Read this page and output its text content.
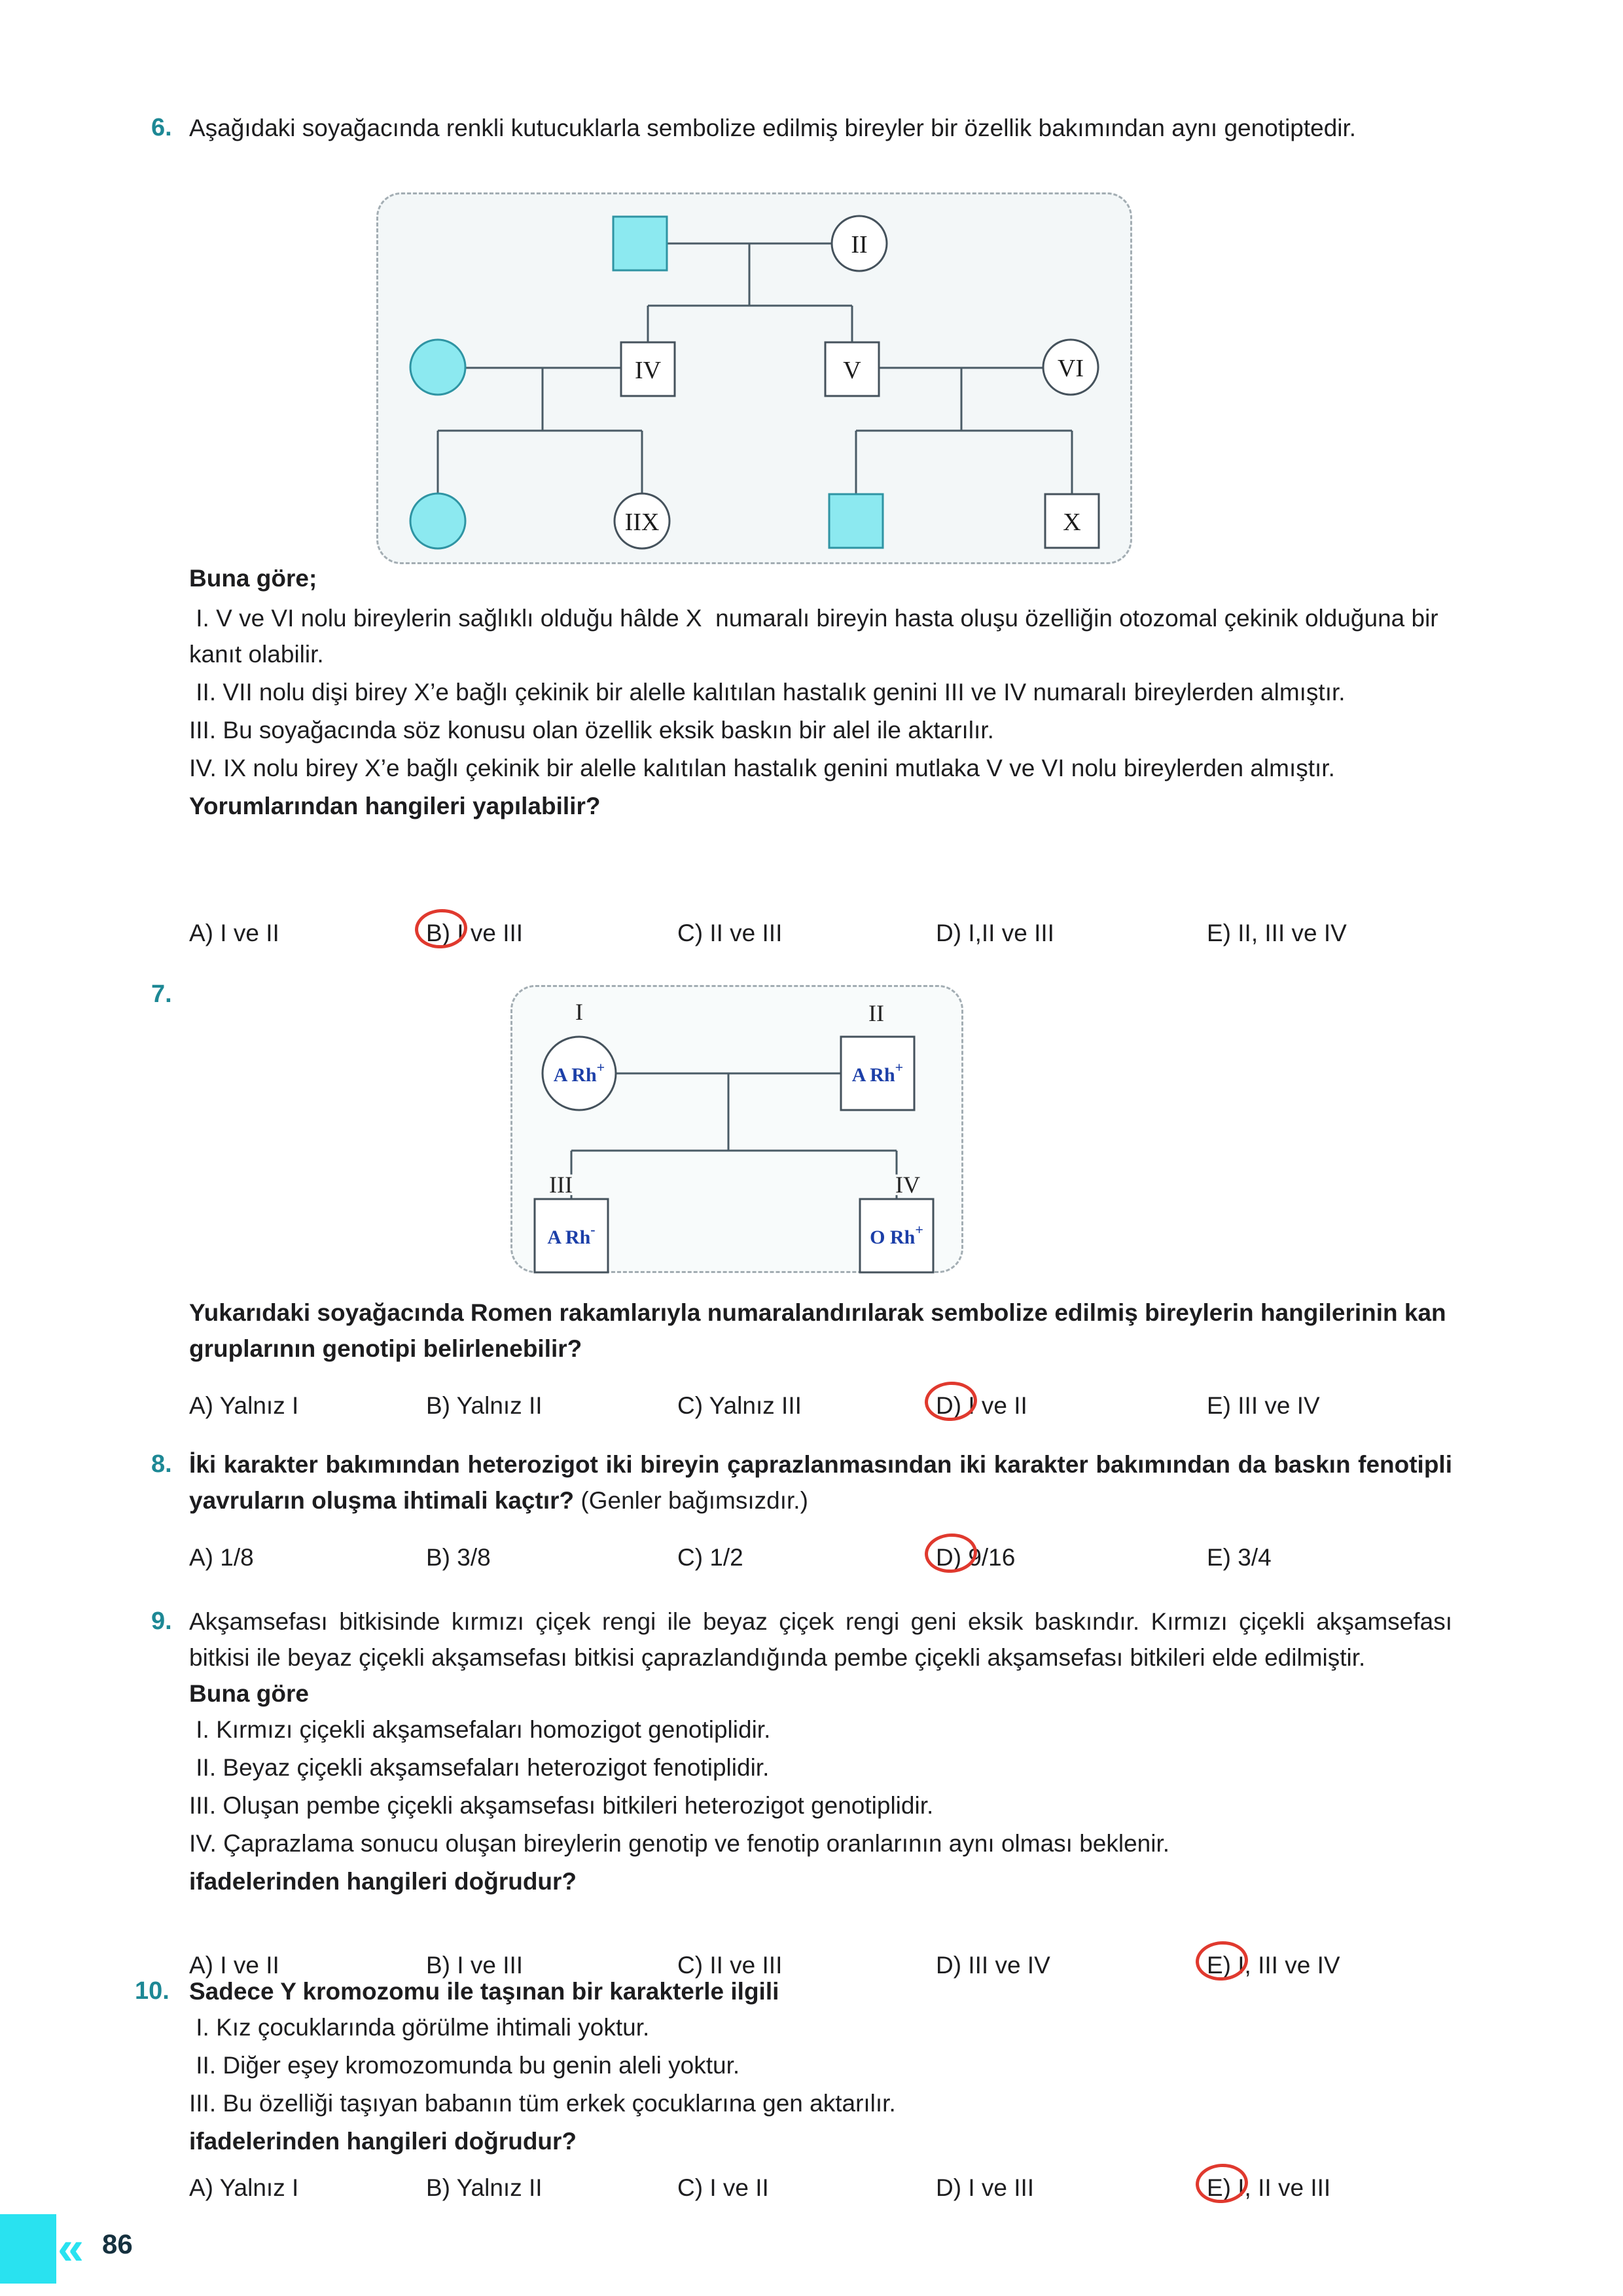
6. Aşağıdaki soyağacında renkli kutucuklarla sembolize edilmiş bireyler bir özellik bakımından aynı genotiptedir.

II
IV	V	VI
IIX	X

Buna göre;

I. V ve VI nolu bireylerin sağlıklı olduğu hâlde X  numaralı bireyin hasta oluşu özelliğin otozomal çekinik olduğuna bir kanıt olabilir.

II. VII nolu dişi birey X’e bağlı çekinik bir alelle kalıtılan hastalık genini III ve IV numaralı bireylerden almıştır.

III. Bu soyağacında söz konusu olan özellik eksik baskın bir alel ile aktarılır.

IV. IX nolu birey X’e bağlı çekinik bir alelle kalıtılan hastalık genini mutlaka V ve VI nolu bireylerden almıştır.

Yorumlarından hangileri yapılabilir?

A) I ve II	B) I ve III	C) II ve III	D) I,II ve III	E) II, III ve IV
7.
I	II
III	IV
A Rh+	A Rh+
A Rh-	O Rh+

Yukarıdaki soyağacında Romen rakamlarıyla numaralandırılarak sembolize edilmiş bireylerin hangilerinin kan gruplarının genotipi belirlenebilir?

A) Yalnız I	B) Yalnız II	C) Yalnız III	D) I ve II	E) III ve IV
8. İki karakter bakımından heterozigot iki bireyin çaprazlanmasından iki karakter bakımından da baskın fenotipli yavruların oluşma ihtimali kaçtır? (Genler bağımsızdır.)

A) 1/8	B) 3/8	C) 1/2	D) 9/16	E) 3/4
9. Akşamsefası bitkisinde kırmızı çiçek rengi ile beyaz çiçek rengi geni eksik baskındır. Kırmızı çiçekli akşamsefası bitkisi ile beyaz çiçekli akşamsefası bitkisi çaprazlandığında pembe çiçekli akşamsefası bitkileri elde edilmiştir.

Buna göre

I. Kırmızı çiçekli akşamsefaları homozigot genotiplidir.

II. Beyaz çiçekli akşamsefaları heterozigot fenotiplidir.

III. Oluşan pembe çiçekli akşamsefası bitkileri heterozigot genotiplidir.

IV. Çaprazlama sonucu oluşan bireylerin genotip ve fenotip oranlarının aynı olması beklenir.

ifadelerinden hangileri doğrudur?

A) I ve II	B) I ve III	C) II ve III	D) III ve IV	E) I, III ve IV
10. Sadece Y kromozomu ile taşınan bir karakterle ilgili

I. Kız çocuklarında görülme ihtimali yoktur.

II. Diğer eşey kromozomunda bu genin aleli yoktur.

III. Bu özelliği taşıyan babanın tüm erkek çocuklarına gen aktarılır.

ifadelerinden hangileri doğrudur?

A) Yalnız I	B) Yalnız II	C) I ve II	D) I ve III	E) I, II ve III
« 86
